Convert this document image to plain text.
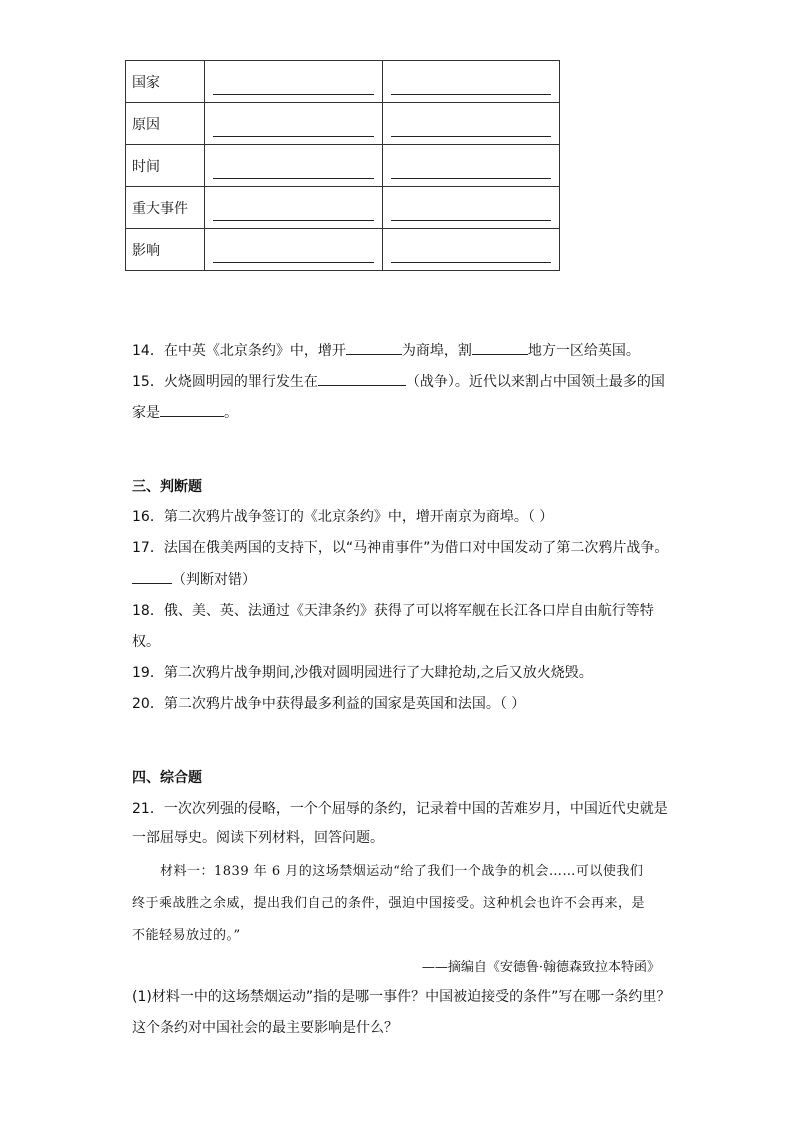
国家	

原因	

时间	

重大事件	

影响	

14．在中英《北京条约》中，增开	为商埠，割	地方一区给英国。
15．火烧圆明园的罪行发生在	（战争）。近代以来割占中国领土最多的国
家是	。
三、判断题
16．第二次鸦片战争签订的《北京条约》中，增开南京为商埠。（ ）
17．法国在俄美两国的支持下，以“马神甫事件”为借口对中国发动了第二次鸦片战争。
（判断对错）
18．俄、美、英、法通过《天津条约》获得了可以将军舰在长江各口岸自由航行等特
权。
19．第二次鸦片战争期间,沙俄对圆明园进行了大肆抢劫,之后又放火烧毁。
20．第二次鸦片战争中获得最多利益的国家是英国和法国。（ ）
四、综合题
21．一次次列强的侵略，一个个屈辱的条约，记录着中国的苦难岁月，中国近代史就是
一部屈辱史。阅读下列材料，回答问题。
材料一：1839 年 6 月的这场禁烟运动“给了我们一个战争的机会……可以使我们
终于乘战胜之余威，提出我们自己的条件，强迫中国接受。这种机会也许不会再来，是
不能轻易放过的。”
——摘编自《安德鲁·翰德森致拉本特函》
(1)材料一中的这场禁烟运动”指的是哪一事件？中国被迫接受的条件”写在哪一条约里？
这个条约对中国社会的最主要影响是什么？
